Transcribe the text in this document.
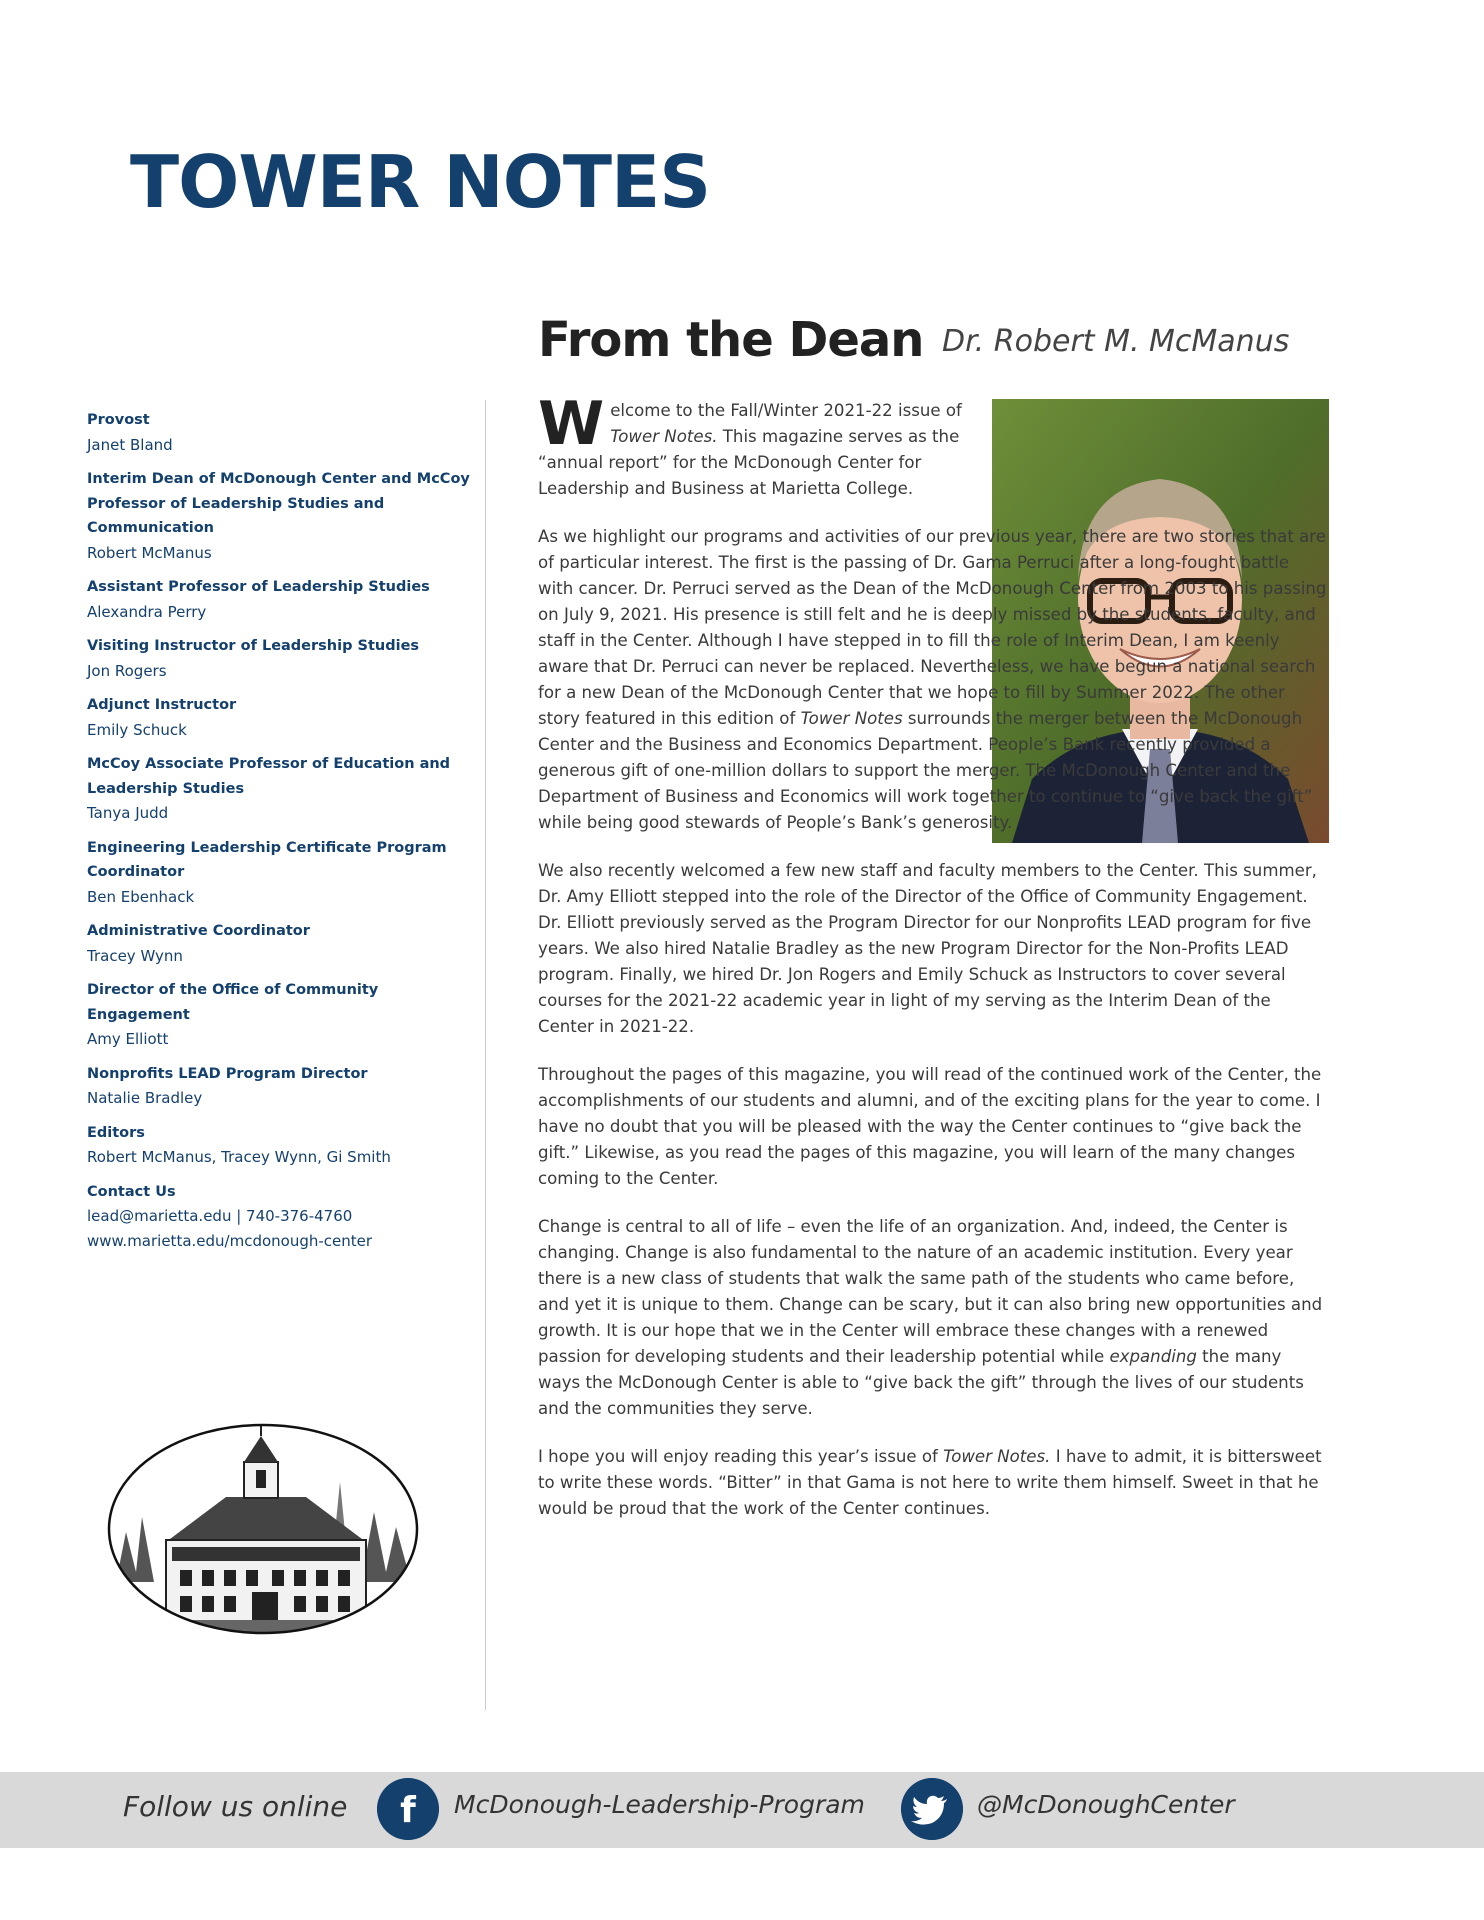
TOWER NOTES
From the Dean Dr. Robert M. McManus
Provost
Janet Bland
Interim Dean of McDonough Center and McCoy Professor of Leadership Studies and Communication
Robert McManus
Assistant Professor of Leadership Studies
Alexandra Perry
Visiting Instructor of Leadership Studies
Jon Rogers
Adjunct Instructor
Emily Schuck
McCoy Associate Professor of Education and Leadership Studies
Tanya Judd
Engineering Leadership Certificate Program Coordinator
Ben Ebenhack
Administrative Coordinator
Tracey Wynn
Director of the Office of Community Engagement
Amy Elliott
Nonprofits LEAD Program Director
Natalie Bradley
Editors
Robert McManus, Tracey Wynn, Gi Smith
Contact Us
lead@marietta.edu | 740-376-4760
www.marietta.edu/mcdonough-center

Welcome to the Fall/Winter 2021-22 issue of Tower Notes. This magazine serves as the “annual report” for the McDonough Center for Leadership and Business at Marietta College.

As we highlight our programs and activities of our previous year, there are two stories that are of particular interest. The first is the passing of Dr. Gama Perruci after a long-fought battle with cancer. Dr. Perruci served as the Dean of the McDonough Center from 2003 to his passing on July 9, 2021. His presence is still felt and he is deeply missed by the students, faculty, and staff in the Center. Although I have stepped in to fill the role of Interim Dean, I am keenly aware that Dr. Perruci can never be replaced. Nevertheless, we have begun a national search for a new Dean of the McDonough Center that we hope to fill by Summer 2022. The other story featured in this edition of Tower Notes surrounds the merger between the McDonough Center and the Business and Economics Department. People’s Bank recently provided a generous gift of one-million dollars to support the merger. The McDonough Center and the Department of Business and Economics will work together to continue to “give back the gift” while being good stewards of People’s Bank’s generosity.

We also recently welcomed a few new staff and faculty members to the Center. This summer, Dr. Amy Elliott stepped into the role of the Director of the Office of Community Engagement. Dr. Elliott previously served as the Program Director for our Nonprofits LEAD program for five years. We also hired Natalie Bradley as the new Program Director for the Non-Profits LEAD program. Finally, we hired Dr. Jon Rogers and Emily Schuck as Instructors to cover several courses for the 2021-22 academic year in light of my serving as the Interim Dean of the Center in 2021-22.

Throughout the pages of this magazine, you will read of the continued work of the Center, the accomplishments of our students and alumni, and of the exciting plans for the year to come. I have no doubt that you will be pleased with the way the Center continues to “give back the gift.” Likewise, as you read the pages of this magazine, you will learn of the many changes coming to the Center.

Change is central to all of life – even the life of an organization. And, indeed, the Center is changing. Change is also fundamental to the nature of an academic institution. Every year there is a new class of students that walk the same path of the students who came before, and yet it is unique to them. Change can be scary, but it can also bring new opportunities and growth. It is our hope that we in the Center will embrace these changes with a renewed passion for developing students and their leadership potential while expanding the many ways the McDonough Center is able to “give back the gift” through the lives of our students and the communities they serve.

I hope you will enjoy reading this year’s issue of Tower Notes. I have to admit, it is bittersweet to write these words. “Bitter” in that Gama is not here to write them himself. Sweet in that he would be proud that the work of the Center continues.

Follow us online f McDonough-Leadership-Program	@McDonoughCenter
